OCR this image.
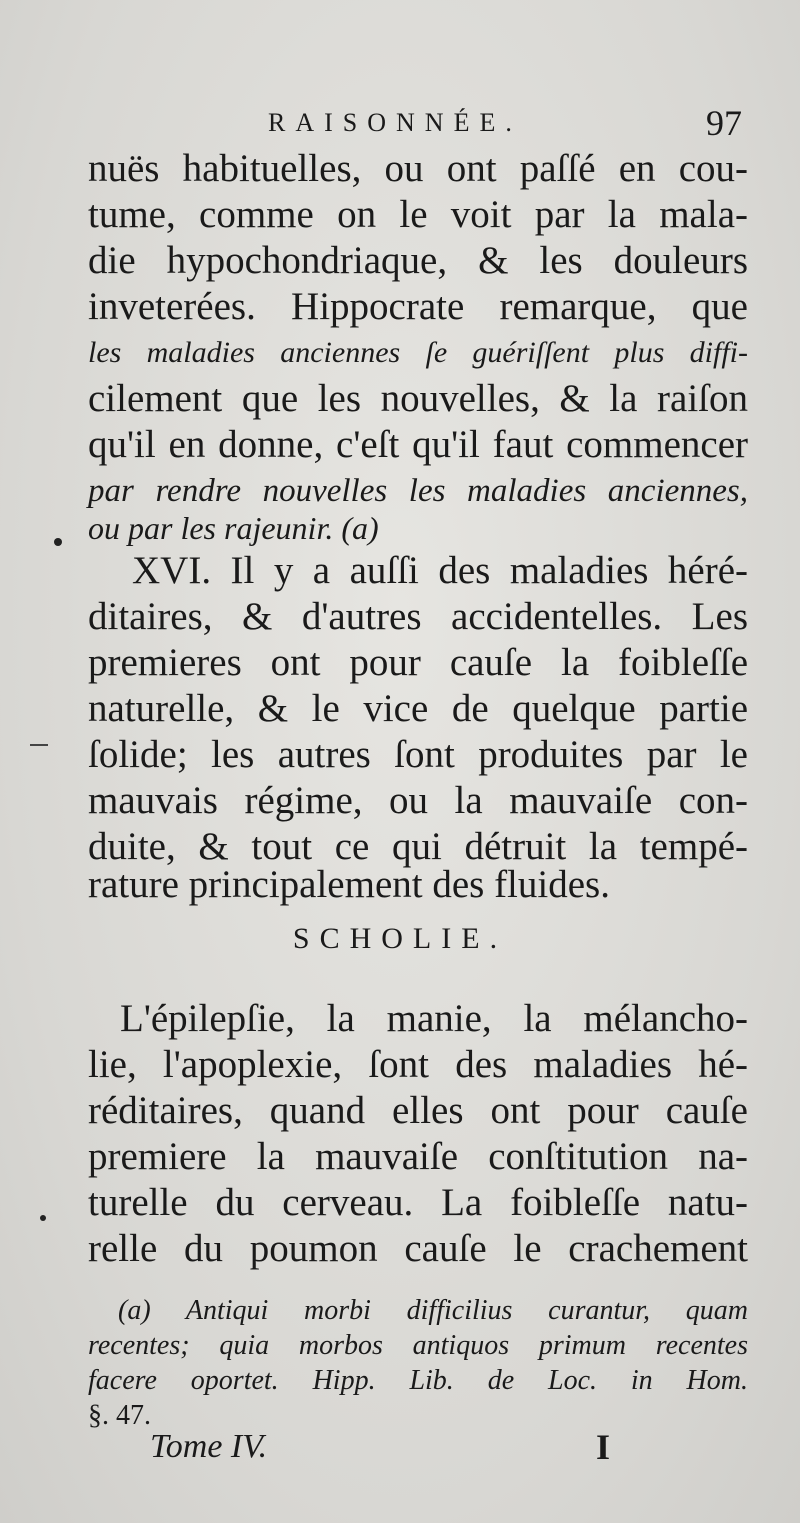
RAISONNÉE.	97
nuës habituelles, ou ont paſſé en cou-
tume, comme on le voit par la mala-
die hypochondriaque, & les douleurs
inveterées. Hippocrate remarque, que
les maladies anciennes ſe guériſſent plus diffi-
cilement que les nouvelles, & la raiſon
qu'il en donne, c'eſt qu'il faut commencer
par rendre nouvelles les maladies anciennes,
ou par les rajeunir. (a)
XVI. Il y a auſſi des maladies héré-
ditaires, & d'autres accidentelles. Les
premieres ont pour cauſe la foibleſſe
naturelle, & le vice de quelque partie
ſolide; les autres ſont produites par le
mauvais régime, ou la mauvaiſe con-
duite, & tout ce qui détruit la tempé-
rature principalement des fluides.
SCHOLIE.
L'épilepſie, la manie, la mélancho-
lie, l'apoplexie, ſont des maladies hé-
réditaires, quand elles ont pour cauſe
premiere la mauvaiſe conſtitution na-
turelle du cerveau. La foibleſſe natu-
relle du poumon cauſe le crachement
(a) Antiqui morbi difficilius curantur, quam
recentes; quia morbos antiquos primum recentes
facere oportet. Hipp. Lib. de Loc. in Hom.
§. 47.
Tome IV.	I
